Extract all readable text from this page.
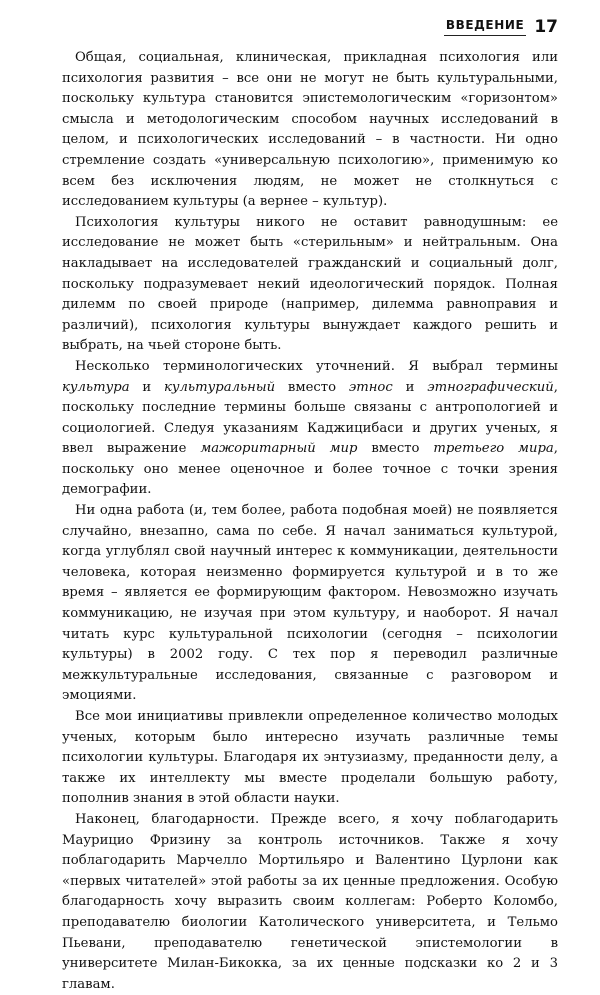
ВВЕДЕНИЕ 17

Общая, социальная, клиническая, прикладная психология или психология развития – все они не могут не быть культуральными, поскольку культура становится эпистемологическим «горизонтом» смысла и методологическим способом научных исследований в целом, и психологических исследований – в частности. Ни одно стремление создать «универсальную психологию», применимую ко всем без исключения людям, не может не столкнуться с исследованием культуры (а вернее – культур).

Психология культуры никого не оставит равнодушным: ее исследование не может быть «стерильным» и нейтральным. Она накладывает на исследователей гражданский и социальный долг, поскольку подразумевает некий идеологический порядок. Полная дилемм по своей природе (например, дилемма равноправия и различий), психология культуры вынуждает каждого решить и выбрать, на чьей стороне быть.

Несколько терминологических уточнений. Я выбрал термины культура и культуральный вместо этнос и этнографический, поскольку последние термины больше связаны с антропологией и социологией. Следуя указаниям Каджицибаси и других ученых, я ввел выражение мажоритарный мир вместо третьего мира, поскольку оно менее оценочное и более точное с точки зрения демографии.

Ни одна работа (и, тем более, работа подобная моей) не появляется случайно, внезапно, сама по себе. Я начал заниматься культурой, когда углублял свой научный интерес к коммуникации, деятельности человека, которая неизменно формируется культурой и в то же время – является ее формирующим фактором. Невозможно изучать коммуникацию, не изучая при этом культуру, и наоборот. Я начал читать курс культуральной психологии (сегодня – психологии культуры) в 2002 году. С тех пор я переводил различные межкультуральные исследования, связанные с разговором и эмоциями.

Все мои инициативы привлекли определенное количество молодых ученых, которым было интересно изучать различные темы психологии культуры. Благодаря их энтузиазму, преданности делу, а также их интеллекту мы вместе проделали большую работу, пополнив знания в этой области науки.

Наконец, благодарности. Прежде всего, я хочу поблагодарить Маурицио Фризину за контроль источников. Также я хочу поблагодарить Марчелло Мортильяро и Валентино Цурлони как «первых читателей» этой работы за их ценные предложения. Особую благодарность хочу выразить своим коллегам: Роберто Коломбо, преподавателю биологии Католического университета, и Тельмо Пьевани, преподавателю генетической эпистемологии в университете Милан-Бикокка, за их ценные подсказки ко 2 и 3 главам.
